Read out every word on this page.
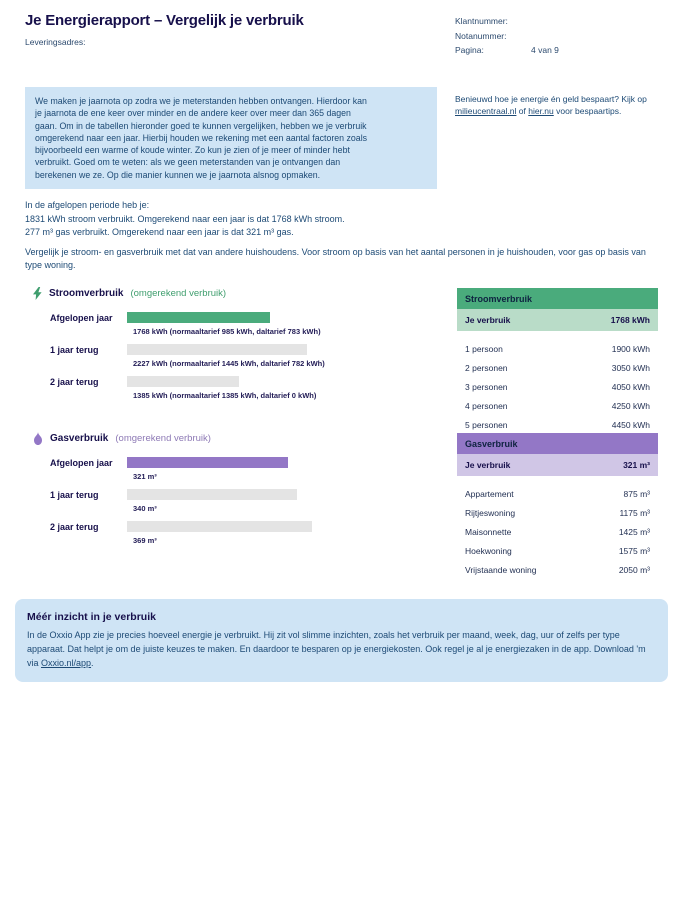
Je Energierapport – Vergelijk je verbruik
Leveringsadres:
Klantnummer:
Notanummer:
Pagina:	4 van 9
We maken je jaarnota op zodra we je meterstanden hebben ontvangen. Hierdoor kan
je jaarnota de ene keer over minder en de andere keer over meer dan 365 dagen
gaan. Om in de tabellen hieronder goed te kunnen vergelijken, hebben we je verbruik
omgerekend naar een jaar. Hierbij houden we rekening met een aantal factoren zoals
bijvoorbeeld een warme of koude winter. Zo kun je zien of je meer of minder hebt
verbruikt. Goed om te weten: als we geen meterstanden van je ontvangen dan
berekenen we ze. Op die manier kunnen we je jaarnota alsnog opmaken.
Benieuwd hoe je energie én geld bespaart? Kijk op milieucentraal.nl of hier.nu voor bespaartips.
In de afgelopen periode heb je:
1831 kWh stroom verbruikt. Omgerekend naar een jaar is dat 1768 kWh stroom.
277 m³ gas verbruikt. Omgerekend naar een jaar is dat 321 m³ gas.
Vergelijk je stroom- en gasverbruik met dat van andere huishoudens. Voor stroom op basis van het aantal personen in je huishouden, voor gas op basis van type woning.
Stroomverbruik (omgerekend verbruik)
Afgelopen jaar
1768 kWh (normaaltarief 985 kWh, daltarief 783 kWh)
1 jaar terug
2227 kWh (normaaltarief 1445 kWh, daltarief 782 kWh)
2 jaar terug
1385 kWh (normaaltarief 1385 kWh, daltarief 0 kWh)
Stroomverbruik
Je verbruik	1768 kWh
1 persoon	1900 kWh
2 personen	3050 kWh
3 personen	4050 kWh
4 personen	4250 kWh
5 personen	4450 kWh
Gasverbruik (omgerekend verbruik)
Afgelopen jaar
321 m³
1 jaar terug
340 m³
2 jaar terug
369 m³
Gasverbruik
Je verbruik	321 m³
Appartement	875 m³
Rijtjeswoning	1175 m³
Maisonnette	1425 m³
Hoekwoning	1575 m³
Vrijstaande woning	2050 m³
Méér inzicht in je verbruik
In de Oxxio App zie je precies hoeveel energie je verbruikt. Hij zit vol slimme inzichten, zoals het verbruik per maand, week, dag, uur of zelfs per type apparaat. Dat helpt je om de juiste keuzes te maken. En daardoor te besparen op je energiekosten. Ook regel je al je energiezaken in de app. Download 'm via Oxxio.nl/app.
